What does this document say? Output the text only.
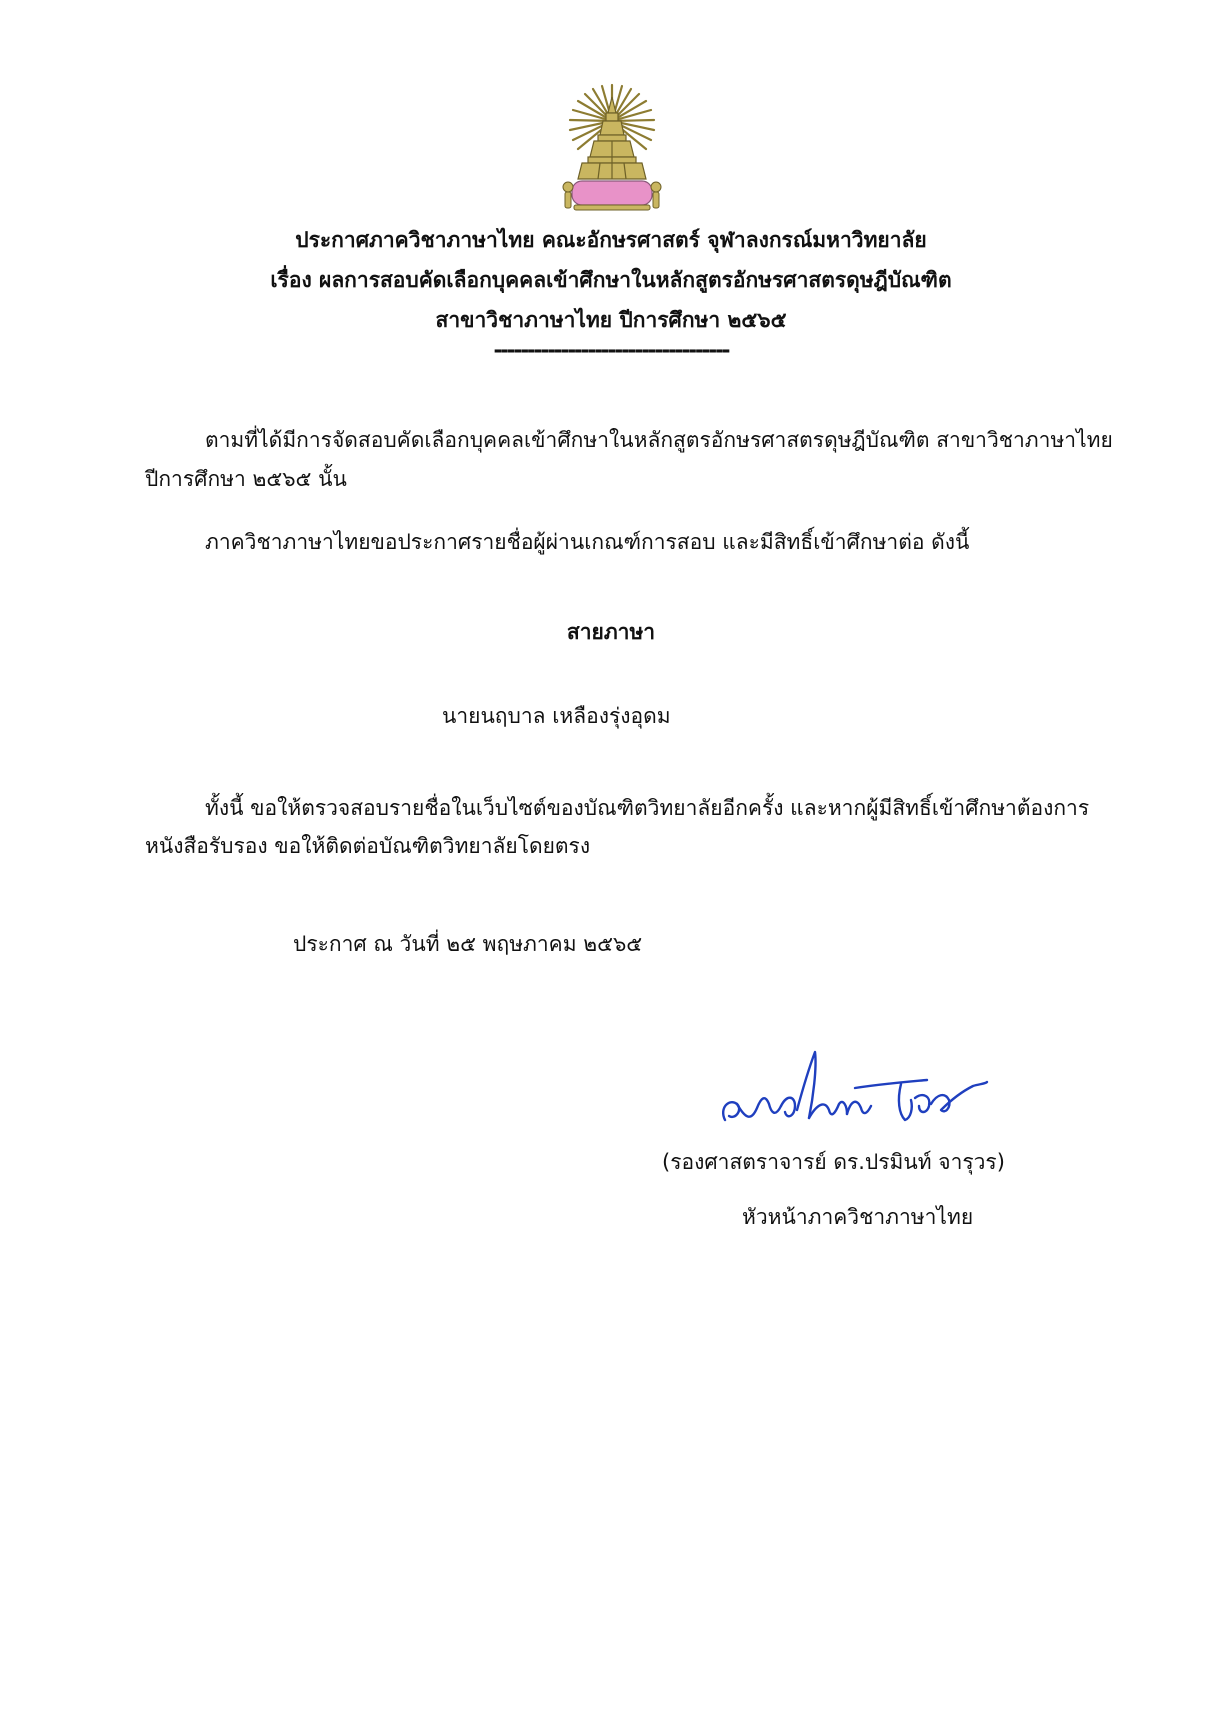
ประกาศภาควิชาภาษาไทย คณะอักษรศาสตร์ จุฬาลงกรณ์มหาวิทยาลัย
เรื่อง ผลการสอบคัดเลือกบุคคลเข้าศึกษาในหลักสูตรอักษรศาสตรดุษฎีบัณฑิต
สาขาวิชาภาษาไทย ปีการศึกษา ๒๕๖๕
-----------------------------------
ตามที่ได้มีการจัดสอบคัดเลือกบุคคลเข้าศึกษาในหลักสูตรอักษรศาสตรดุษฎีบัณฑิต สาขาวิชาภาษาไทย
ปีการศึกษา ๒๕๖๕ นั้น
ภาควิชาภาษาไทยขอประกาศรายชื่อผู้ผ่านเกณฑ์การสอบ และมีสิทธิ์เข้าศึกษาต่อ ดังนี้
สายภาษา
นายนฤบาล เหลืองรุ่งอุดม
ทั้งนี้ ขอให้ตรวจสอบรายชื่อในเว็บไซต์ของบัณฑิตวิทยาลัยอีกครั้ง และหากผู้มีสิทธิ์เข้าศึกษาต้องการ
หนังสือรับรอง ขอให้ติดต่อบัณฑิตวิทยาลัยโดยตรง
ประกาศ ณ วันที่ ๒๕ พฤษภาคม ๒๕๖๕
(รองศาสตราจารย์ ดร.ปรมินท์ จารุวร)
หัวหน้าภาควิชาภาษาไทย
